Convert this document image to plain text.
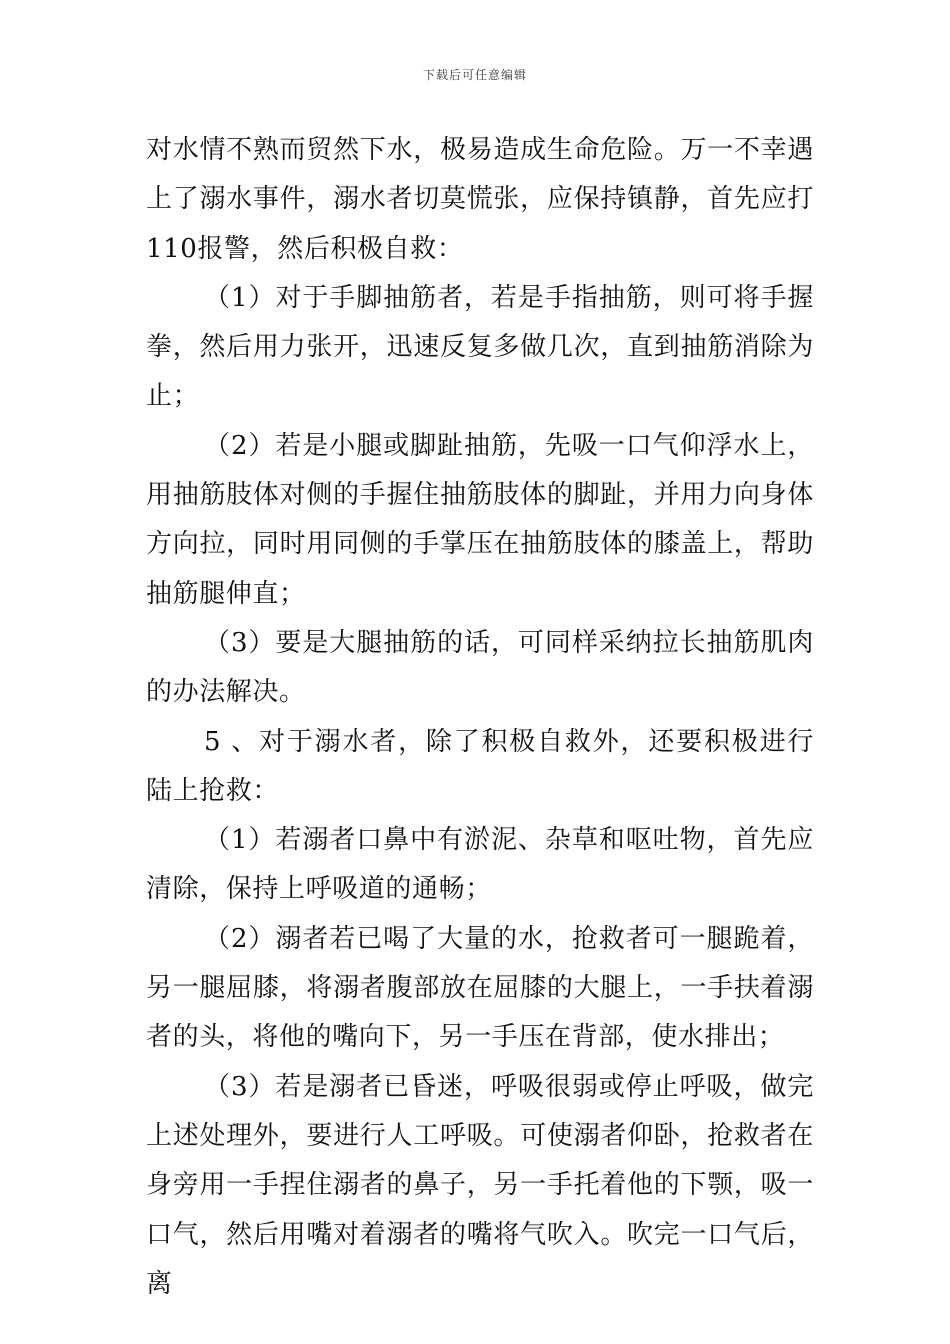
下载后可任意编辑

对水情不熟而贸然下水，极易造成生命危险。万一不幸遇上了溺水事件，溺水者切莫慌张，应保持镇静，首先应打110报警，然后积极自救：

（1）对于手脚抽筋者，若是手指抽筋，则可将手握拳，然后用力张开，迅速反复多做几次，直到抽筋消除为止；

（2）若是小腿或脚趾抽筋，先吸一口气仰浮水上，用抽筋肢体对侧的手握住抽筋肢体的脚趾，并用力向身体方向拉，同时用同侧的手掌压在抽筋肢体的膝盖上，帮助抽筋腿伸直；

（3）要是大腿抽筋的话，可同样采纳拉长抽筋肌肉的办法解决。

5 、对于溺水者，除了积极自救外，还要积极进行陆上抢救：

（1）若溺者口鼻中有淤泥、杂草和呕吐物，首先应清除，保持上呼吸道的通畅；

（2）溺者若已喝了大量的水，抢救者可一腿跪着，另一腿屈膝，将溺者腹部放在屈膝的大腿上，一手扶着溺者的头，将他的嘴向下，另一手压在背部，使水排出；

（3）若是溺者已昏迷，呼吸很弱或停止呼吸，做完上述处理外，要进行人工呼吸。可使溺者仰卧，抢救者在身旁用一手捏住溺者的鼻子，另一手托着他的下颚，吸一口气，然后用嘴对着溺者的嘴将气吹入。吹完一口气后，离
